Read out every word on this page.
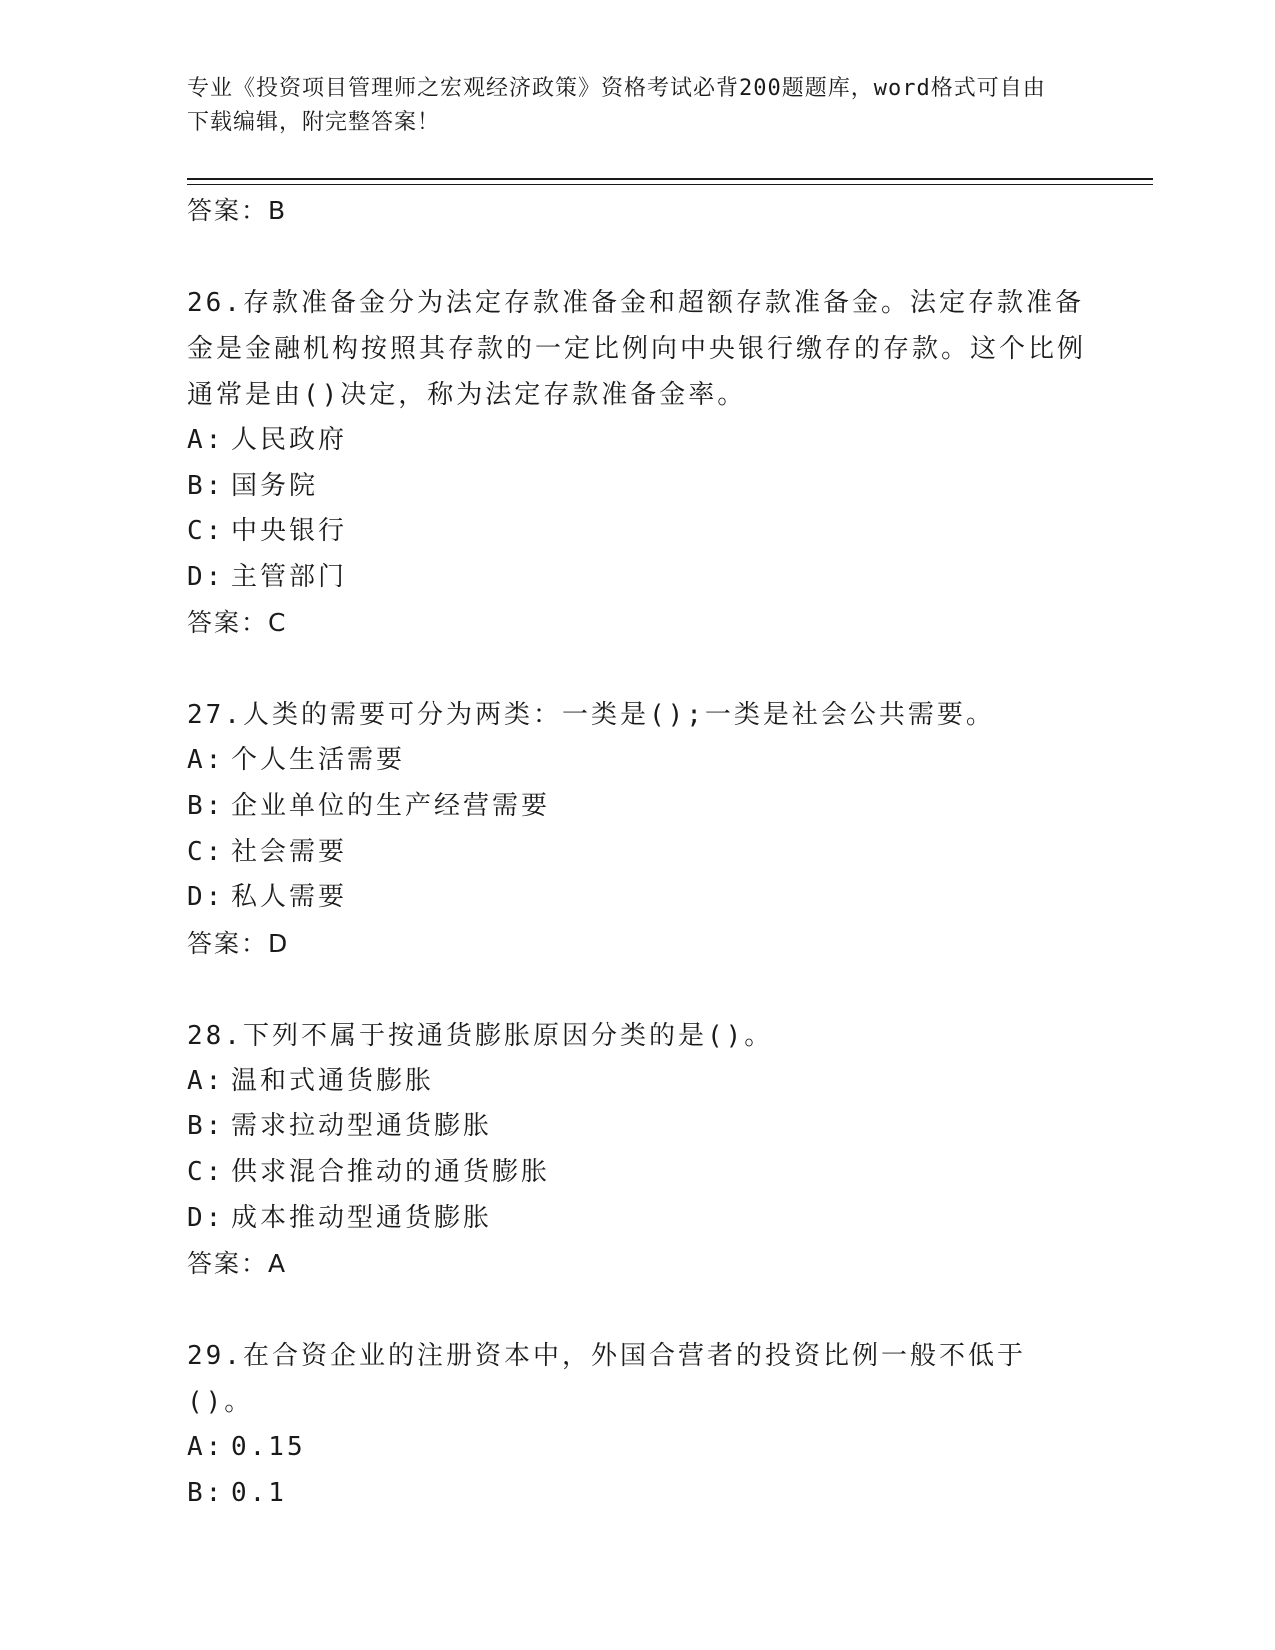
专业《投资项目管理师之宏观经济政策》资格考试必背200题题库，word格式可自由下载编辑，附完整答案！
答案：B
26.存款准备金分为法定存款准备金和超额存款准备金。法定存款准备金是金融机构按照其存款的一定比例向中央银行缴存的存款。这个比例通常是由()决定，称为法定存款准备金率。
A: 人民政府
B: 国务院
C: 中央银行
D: 主管部门
答案：C
27.人类的需要可分为两类：一类是();一类是社会公共需要。
A: 个人生活需要
B: 企业单位的生产经营需要
C: 社会需要
D: 私人需要
答案：D
28.下列不属于按通货膨胀原因分类的是()。
A: 温和式通货膨胀
B: 需求拉动型通货膨胀
C: 供求混合推动的通货膨胀
D: 成本推动型通货膨胀
答案：A
29.在合资企业的注册资本中，外国合营者的投资比例一般不低于()。
A: 0.15
B: 0.1
